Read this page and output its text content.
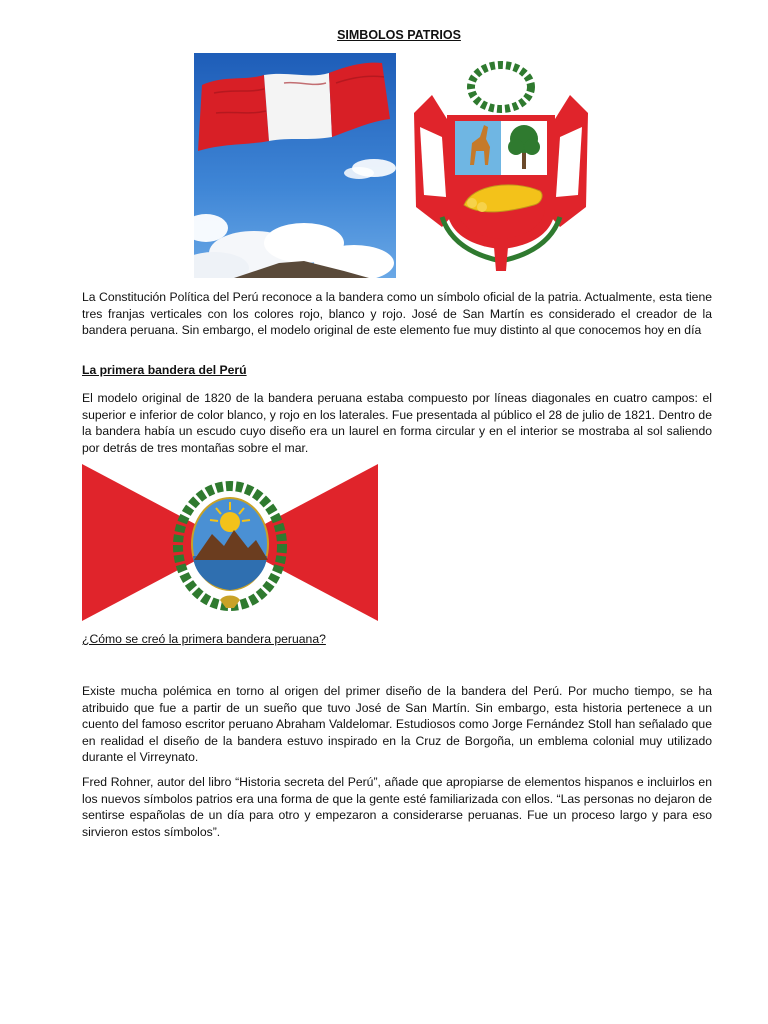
SIMBOLOS PATRIOS

La Constitución Política del Perú reconoce a la bandera como un símbolo oficial de la patria. Actualmente, esta tiene tres franjas verticales con los colores rojo, blanco y rojo. José de San Martín es considerado el creador de la bandera peruana. Sin embargo, el modelo original de este elemento fue muy distinto al que conocemos hoy en día

La primera bandera del Perú

El modelo original de 1820 de la bandera peruana estaba compuesto por líneas diagonales en cuatro campos: el superior e inferior de color blanco, y rojo en los laterales. Fue presentada al público el 28 de julio de 1821. Dentro de la bandera había un escudo cuyo diseño era un laurel en forma circular y en el interior se mostraba al sol saliendo por detrás de tres montañas sobre el mar.

¿Cómo se creó la primera bandera peruana?

Existe mucha polémica en torno al origen del primer diseño de la bandera del Perú. Por mucho tiempo, se ha atribuido que fue a partir de un sueño que tuvo José de San Martín. Sin embargo, esta historia pertenece a un cuento del famoso escritor peruano Abraham Valdelomar. Estudiosos como Jorge Fernández Stoll han señalado que en realidad el diseño de la bandera estuvo inspirado en la Cruz de Borgoña, un emblema colonial muy utilizado durante el Virreynato.

Fred Rohner, autor del libro “Historia secreta del Perú”, añade que apropiarse de elementos hispanos e incluirlos en los nuevos símbolos patrios era una forma de que la gente esté familiarizada con ellos. “Las personas no dejaron de sentirse españolas de un día para otro y empezaron a considerarse peruanas. Fue un proceso largo y para eso sirvieron estos símbolos”.
